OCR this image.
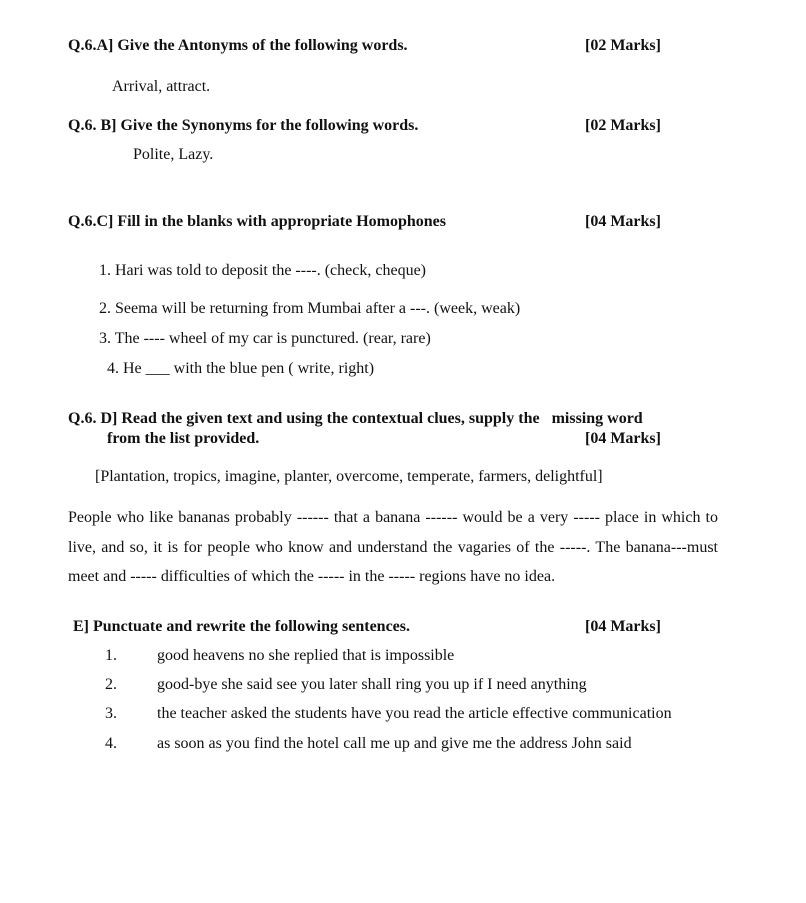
Q.6.A] Give the Antonyms of the following words.	[02 Marks]
Arrival, attract.
Q.6. B] Give the Synonyms for the following words.	[02 Marks]
Polite, Lazy.
Q.6.C] Fill in the blanks with appropriate Homophones	[04 Marks]
1. Hari was told to deposit the ----. (check, cheque)
2. Seema will be returning from Mumbai after a ---. (week, weak)
3. The ---- wheel of my car is punctured. (rear, rare)
4. He ___ with the blue pen ( write, right)
Q.6. D] Read the given text and using the contextual clues, supply the   missing word
from the list provided.	[04 Marks]
[Plantation, tropics, imagine, planter, overcome, temperate, farmers, delightful]
People who like bananas probably ------ that a banana ------ would be a very ----- place in which to live, and so, it is for people who know and understand the vagaries of the -----. The banana---must meet and ----- difficulties of which the ----- in the ----- regions have no idea.
E] Punctuate and rewrite the following sentences.	[04 Marks]
1.	good heavens no she replied that is impossible
2.	good-bye she said see you later shall ring you up if I need anything
3.	the teacher asked the students have you read the article effective communication
4.	as soon as you find the hotel call me up and give me the address John said
